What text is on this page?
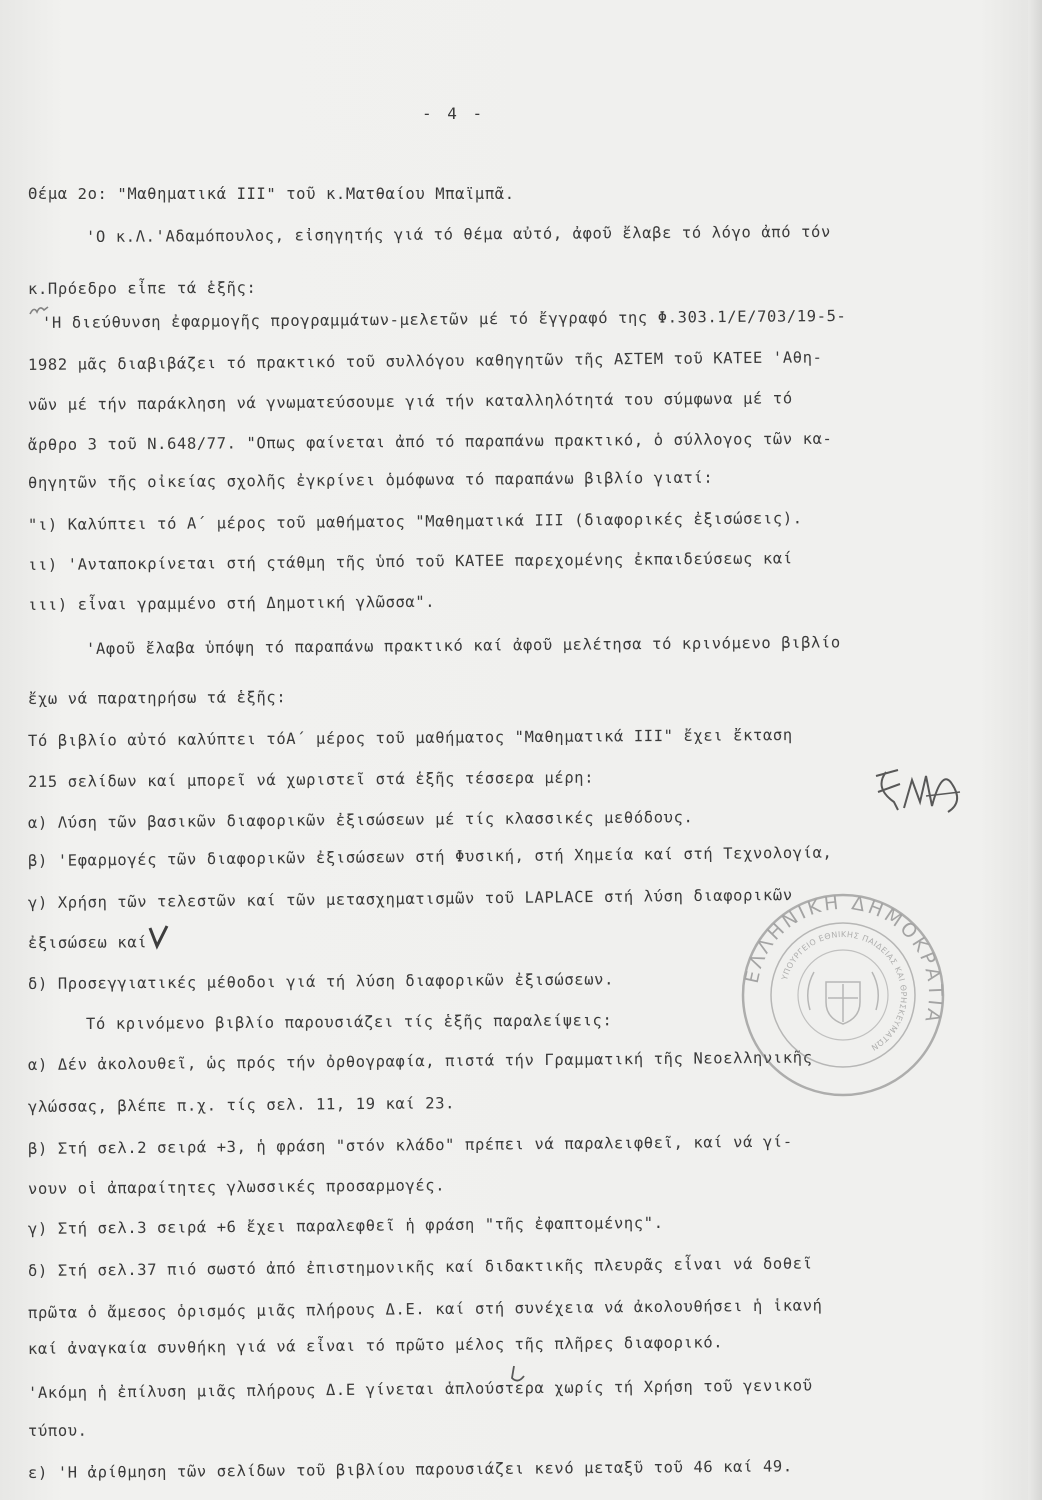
- 4 -
Θέμα 2ο: "Μαθηματικά ΙΙΙ" τοῦ κ.Ματθαίου Μπαϊμπᾶ.
'Ο κ.Λ.'Αδαμόπουλος, εἰσηγητής γιά τό θέμα αὐτό, ἀφοῦ ἔλαβε τό λόγο ἀπό τόν
κ.Πρόεδρο εἶπε τά ἑξῆς:
'Η διεύθυνση ἐφαρμογῆς προγραμμάτων-μελετῶν μέ τό ἔγγραφό της Φ.303.1/Ε/703/19-5-
1982 μᾶς διαβιβάζει τό πρακτικό τοῦ συλλόγου καθηγητῶν τῆς ΑΣΤΕΜ τοῦ ΚΑΤΕΕ 'Αθη-
νῶν μέ τήν παράκληση νά γνωματεύσουμε γιά τήν καταλληλότητά του σύμφωνα μέ τό
ἄρθρο 3 τοῦ Ν.648/77. "Οπως φαίνεται ἀπό τό παραπάνω πρακτικό, ὁ σύλλογος τῶν κα-
θηγητῶν τῆς οἰκείας σχολῆς ἐγκρίνει ὁμόφωνα τό παραπάνω βιβλίο γιατί:
"ι) Καλύπτει τό Α΄ μέρος τοῦ μαθήματος "Μαθηματικά ΙΙΙ (διαφορικές ἐξισώσεις).
ιι) 'Ανταποκρίνεται στή ςτάθμη τῆς ὑπό τοῦ ΚΑΤΕΕ παρεχομένης ἐκπαιδεύσεως καί
ιιι) εἶναι γραμμένο στή Δημοτική γλῶσσα".
'Αφοῦ ἔλαβα ὑπόψη τό παραπάνω πρακτικό καί ἀφοῦ μελέτησα τό κρινόμενο βιβλίο
ἔχω νά παρατηρήσω τά ἑξῆς:
Τό βιβλίο αὐτό καλύπτει τόΑ΄ μέρος τοῦ μαθήματος "Μαθηματικά ΙΙΙ" ἔχει ἔκταση
215 σελίδων καί μπορεῖ νά χωριστεῖ στά ἑξῆς τέσσερα μέρη:
α) Λύση τῶν βασικῶν διαφορικῶν ἐξισώσεων μέ τίς κλασσικές μεθόδους.
β) 'Εφαρμογές τῶν διαφορικῶν ἐξισώσεων στή Φυσική, στή Χημεία καί στή Τεχνολογία,
γ) Χρήση τῶν τελεστῶν καί τῶν μετασχηματισμῶν τοῦ LAPLACE στή λύση διαφορικῶν
ἐξισώσεω καί
δ) Προσεγγιατικές μέθοδοι γιά τή λύση διαφορικῶν ἐξισώσεων.
Τό κρινόμενο βιβλίο παρουσιάζει τίς ἑξῆς παραλείψεις:
α) Δέν ἀκολουθεῖ, ὡς πρός τήν ὀρθογραφία, πιστά τήν Γραμματική τῆς Νεοελληνικῆς
γλώσσας, βλέπε π.χ. τίς σελ. 11, 19 καί 23.
β) Στή σελ.2 σειρά +3, ἡ φράση "στόν κλάδο" πρέπει νά παραλειφθεῖ, καί νά γί-
νουν οἱ ἀπαραίτητες γλωσσικές προσαρμογές.
γ) Στή σελ.3 σειρά +6 ἔχει παραλεφθεῖ ἡ φράση "τῆς ἐφαπτομένης".
δ) Στή σελ.37 πιό σωστό ἀπό ἐπιστημονικῆς καί διδακτικῆς πλευρᾶς εἶναι νά δοθεῖ
πρῶτα ὁ ἄμεσος ὁρισμός μιᾶς πλήρους Δ.Ε. καί στή συνέχεια νά ἀκολουθήσει ἡ ἱκανή
καί ἀναγκαία συνθήκη γιά νά εἶναι τό πρῶτο μέλος τῆς πλῆρες διαφορικό.
'Ακόμη ἡ ἐπίλυση μιᾶς πλήρους Δ.Ε γίνεται ἁπλούστερα χωρίς τή Χρήση τοῦ γενικοῦ
τύπου.
ε) 'Η ἀρίθμηση τῶν σελίδων τοῦ βιβλίου παρουσιάζει κενό μεταξῦ τοῦ 46 καί 49.
ΕΛΛΗΝΙΚΗ ΔΗΜΟΚΡΑΤΙΑ
ΥΠΟΥΡΓΕΙΟ ΕΘΝΙΚΗΣ ΠΑΙΔΕΙΑΣ ΚΑΙ ΘΡΗΣΚΕΥΜΑΤΩΝ
